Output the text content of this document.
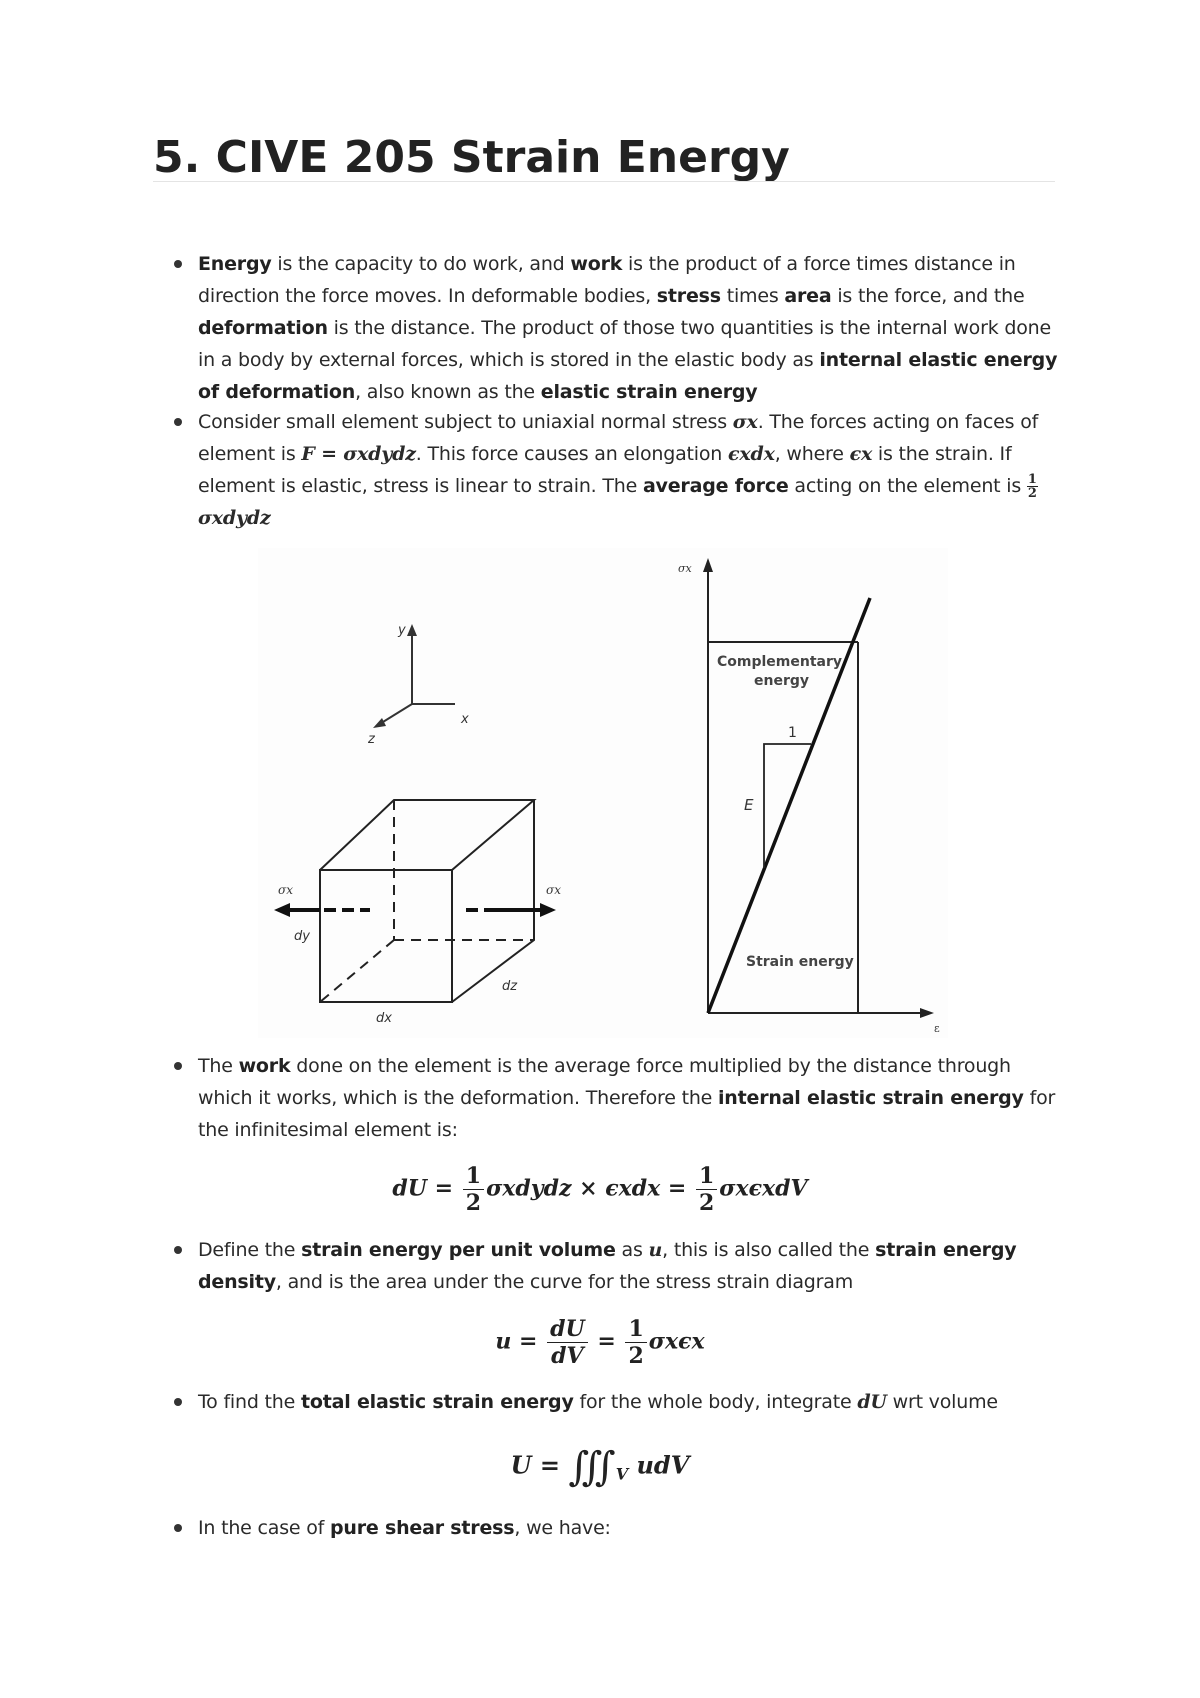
5. CIVE 205 Strain Energy
Energy is the capacity to do work, and work is the product of a force times distance in direction the force moves. In deformable bodies, stress times area is the force, and the deformation is the distance. The product of those two quantities is the internal work done in a body by external forces, which is stored in the elastic body as internal elastic energy of deformation, also known as the elastic strain energy
Consider small element subject to uniaxial normal stress σx. The forces acting on faces of element is F = σxdydz. This force causes an elongation ϵxdx, where ϵx is the strain. If element is elastic, stress is linear to strain. The average force acting on the element is $\frac{1}{2}$
σxdydz
The work done on the element is the average force multiplied by the distance through which it works, which is the deformation. Therefore the internal elastic strain energy for the infinitesimal element is:
Define the strain energy per unit volume as u, this is also called the strain energy density, and is the area under the curve for the stress strain diagram
To find the total elastic strain energy for the whole body, integrate dU wrt volume
In the case of pure shear stress, we have:
dU = $\frac{1}{2}$ σxdydz × $\epsilon xdx = \frac{1}{2}$ σxϵxdV
$u = \frac{dU}{dV} = \frac{1}{2}$ σxϵx
$U = ∭_V$ udV
y
x
z
σx	σx
dy
dx
dz
σx
ε
Complementary
energy
1
E
Strain energy
